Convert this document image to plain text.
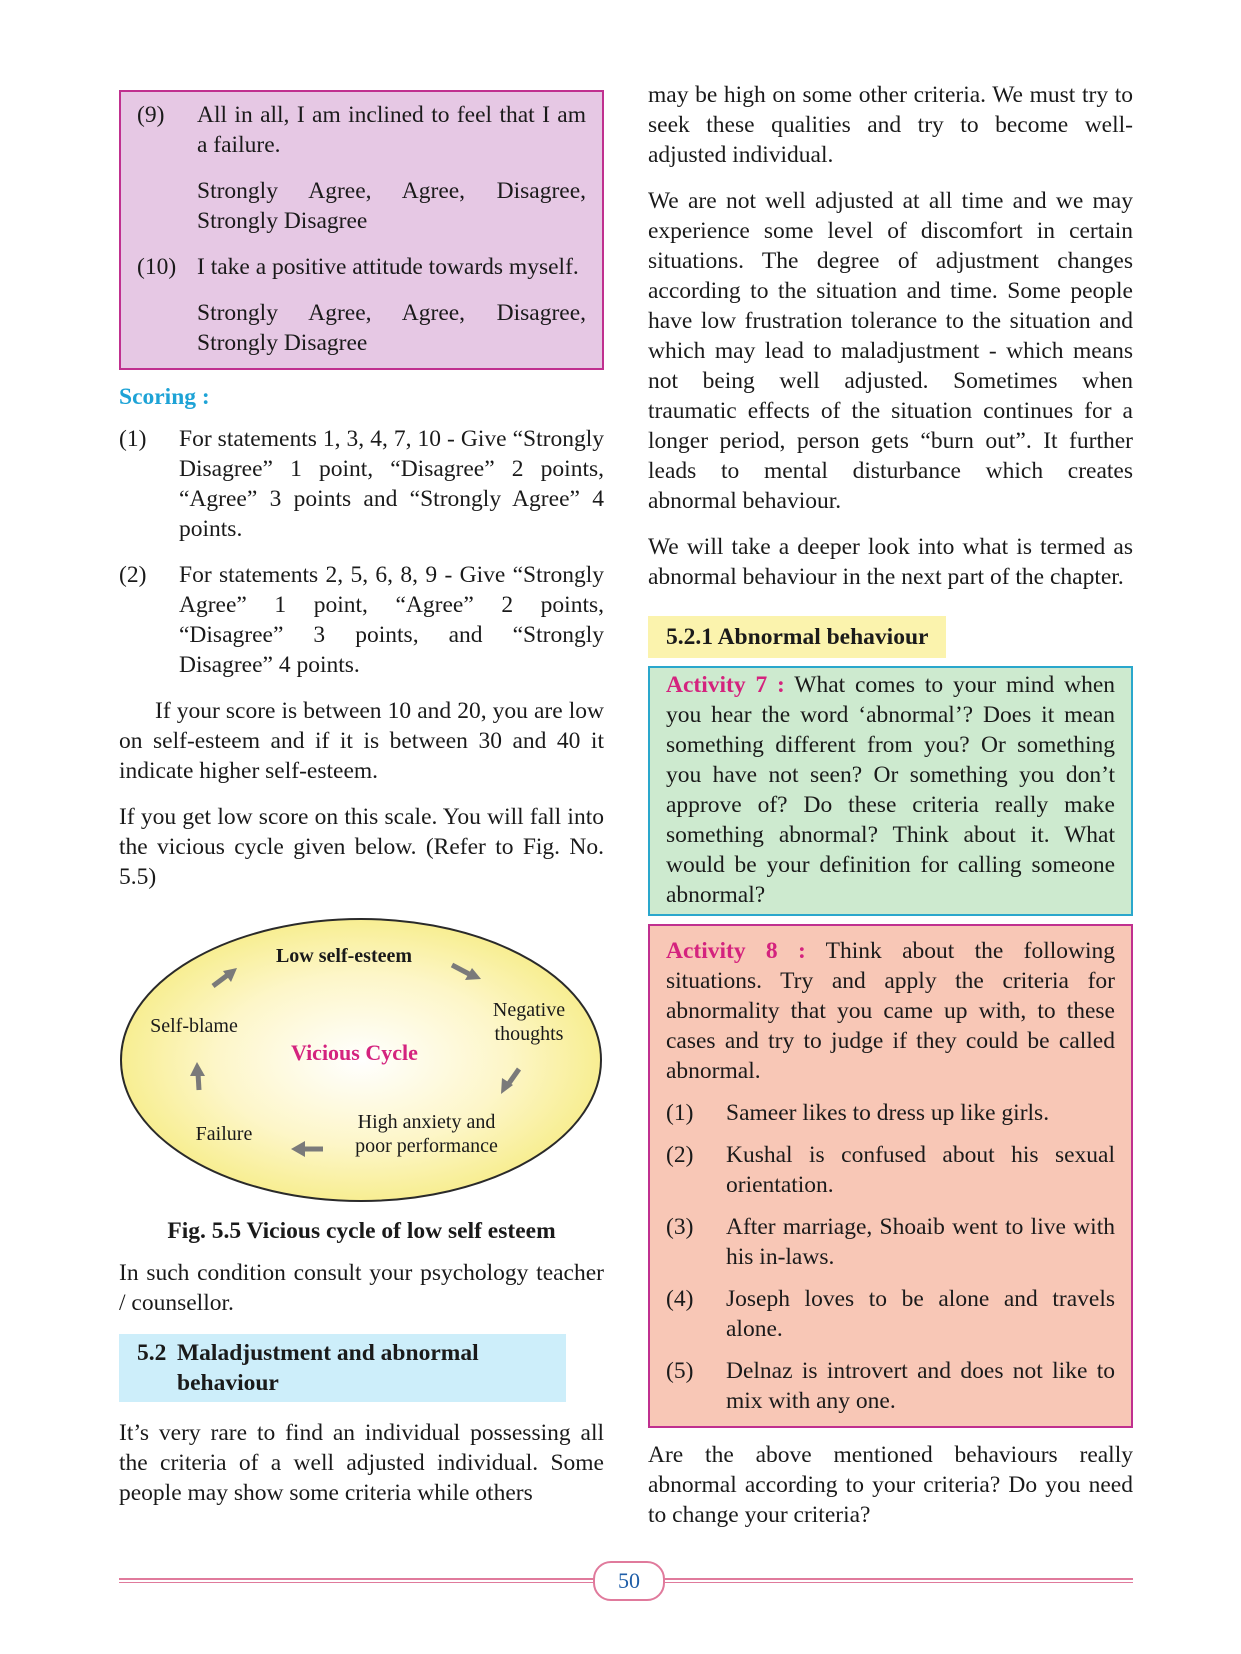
(9)	All in all, I am inclined to feel that I am a failure.

Strongly Agree, Agree, Disagree, Strongly Disagree

(10) I take a positive attitude towards myself.

Strongly Agree, Agree, Disagree, Strongly Disagree

Scoring :
(1)	For statements 1, 3, 4, 7, 10 - Give “Strongly Disagree” 1 point, “Disagree” 2 points, “Agree” 3 points and “Strongly Agree” 4 points.
(2)	For statements 2, 5, 6, 8, 9 - Give “Strongly Agree” 1 point, “Agree” 2 points, “Disagree” 3 points, and “Strongly Disagree” 4 points.

If your score is between 10 and 20, you are low on self-esteem and if it is between 30 and 40 it indicate higher self-esteem.

If you get low score on this scale. You will fall into the vicious cycle given below. (Refer to Fig. No. 5.5)

Low self-esteem
Negative thoughts
High anxiety and poor performance
Failure
Self-blame
Vicious Cycle
Fig. 5.5 Vicious cycle of low self esteem

In such condition consult your psychology teacher / counsellor.

5.2 Maladjustment and abnormal behaviour

It’s very rare to find an individual possessing all the criteria of a well adjusted individual. Some people may show some criteria while others

may be high on some other criteria. We must try to seek these qualities and try to become well-adjusted individual.

We are not well adjusted at all time and we may experience some level of discomfort in certain situations. The degree of adjustment changes according to the situation and time. Some people have low frustration tolerance to the situation and which may lead to maladjustment - which means not being well adjusted. Sometimes when traumatic effects of the situation continues for a longer period, person gets “burn out”. It further leads to mental disturbance which creates abnormal behaviour.

We will take a deeper look into what is termed as abnormal behaviour in the next part of the chapter.

5.2.1 Abnormal behaviour
Activity 7 : What comes to your mind when you hear the word ‘abnormal’? Does it mean something different from you? Or something you have not seen? Or something you don’t approve of? Do these criteria really make something abnormal? Think about it. What would be your definition for calling someone abnormal?

Activity 8 : Think about the following situations. Try and apply the criteria for abnormality that you came up with, to these cases and try to judge if they could be called abnormal.

(1)	Sameer likes to dress up like girls.
(2)	Kushal is confused about his sexual orientation.
(3)	After marriage, Shoaib went to live with his in-laws.
(4)	Joseph loves to be alone and travels alone.
(5)	Delnaz is introvert and does not like to mix with any one.

Are the above mentioned behaviours really abnormal according to your criteria? Do you need to change your criteria?

50
